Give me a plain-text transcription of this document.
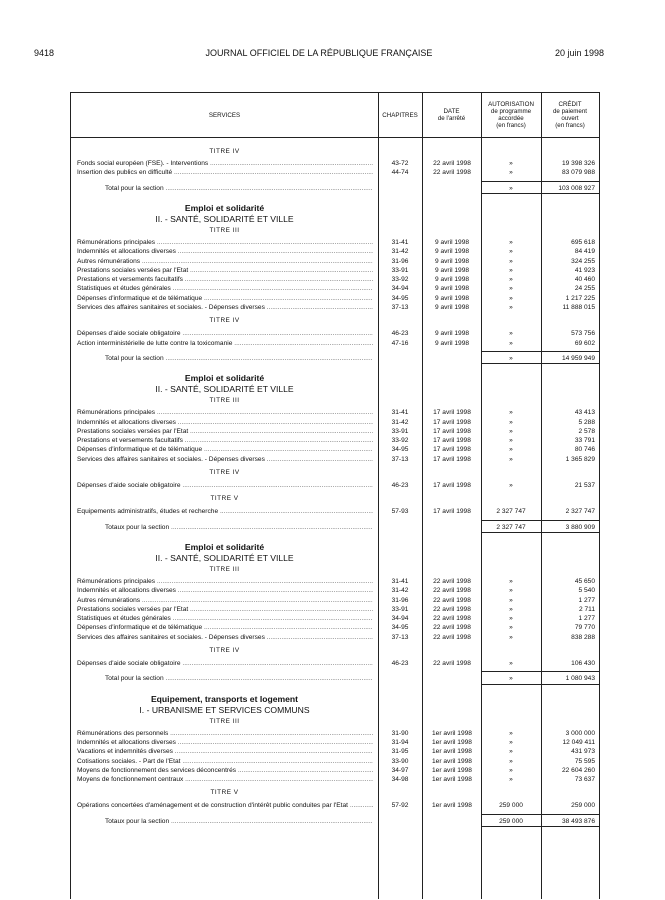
9418	JOURNAL OFFICIEL DE LA RÉPUBLIQUE FRANÇAISE	20 juin 1998
SERVICES	CHAPITRES	DATE
de l'arrêté
AUTORISATION
de programme
accordée
(en francs)
CRÉDIT
de paiement
ouvert
(en francs)
TITRE IV
Fonds social européen (FSE). - Interventions .....	43-72	22 avril 1998	»	19 398 326
Insertion des publics en difficulté .....	44-74	22 avril 1998	»	83 079 988
Total pour la section .....	»	103 008 927
Emploi et solidarité
II. - SANTÉ, SOLIDARITÉ ET VILLE
TITRE III
Rémunérations principales .....	31-41	9 avril 1998	»	695 618
Indemnités et allocations diverses .....	31-42	9 avril 1998	»	84 419
Autres rémunérations .....	31-96	9 avril 1998	»	324 255
Prestations sociales versées par l'Etat .....	33-91	9 avril 1998	»	41 923
Prestations et versements facultatifs .....	33-92	9 avril 1998	»	40 460
Statistiques et études générales .....	34-94	9 avril 1998	»	24 255
Dépenses d'informatique et de télématique .....	34-95	9 avril 1998	»	1 217 225
Services des affaires sanitaires et sociales. - Dépenses diverses .....	37-13	9 avril 1998	»	11 888 015
TITRE IV
Dépenses d'aide sociale obligatoire .....	46-23	9 avril 1998	»	573 756
Action interministérielle de lutte contre la toxicomanie .....	47-16	9 avril 1998	»	69 602
Total pour la section .....	»	14 959 949
Emploi et solidarité
II. - SANTÉ, SOLIDARITÉ ET VILLE
TITRE III
Rémunérations principales .....	31-41	17 avril 1998	»	43 413
Indemnités et allocations diverses .....	31-42	17 avril 1998	»	5 288
Prestations sociales versées par l'Etat .....	33-91	17 avril 1998	»	2 578
Prestations et versements facultatifs .....	33-92	17 avril 1998	»	33 791
Dépenses d'informatique et de télématique .....	34-95	17 avril 1998	»	80 746
Services des affaires sanitaires et sociales. - Dépenses diverses .....	37-13	17 avril 1998	»	1 365 829
TITRE IV
Dépenses d'aide sociale obligatoire .....	46-23	17 avril 1998	»	21 537
TITRE V
Equipements administratifs, études et recherche .....	57-93	17 avril 1998	2 327 747	2 327 747
Totaux pour la section .....	2 327 747	3 880 909
Emploi et solidarité
II. - SANTÉ, SOLIDARITÉ ET VILLE
TITRE III
Rémunérations principales .....	31-41	22 avril 1998	»	45 650
Indemnités et allocations diverses .....	31-42	22 avril 1998	»	5 540
Autres rémunérations .....	31-96	22 avril 1998	»	1 277
Prestations sociales versées par l'Etat .....	33-91	22 avril 1998	»	2 711
Statistiques et études générales .....	34-94	22 avril 1998	»	1 277
Dépenses d'informatique et de télématique .....	34-95	22 avril 1998	»	79 770
Services des affaires sanitaires et sociales. - Dépenses diverses .....	37-13	22 avril 1998	»	838 288
TITRE IV
Dépenses d'aide sociale obligatoire .....	46-23	22 avril 1998	»	106 430
Total pour la section .....	»	1 080 943
Equipement, transports et logement
I. - URBANISME ET SERVICES COMMUNS
TITRE III
Rémunérations des personnels .....	31-90	1er avril 1998	»	3 000 000
Indemnités et allocations diverses .....	31-94	1er avril 1998	»	12 049 411
Vacations et indemnités diverses .....	31-95	1er avril 1998	»	431 973
Cotisations sociales. - Part de l'Etat .....	33-90	1er avril 1998	»	75 595
Moyens de fonctionnement des services déconcentrés .....	34-97	1er avril 1998	»	22 604 260
Moyens de fonctionnement centraux .....	34-98	1er avril 1998	»	73 637
TITRE V
Opérations concertées d'aménagement et de construction d'intérêt public conduites par l'Etat .....	57-92	1er avril 1998	259 000	259 000
Totaux pour la section .....	259 000	38 493 876
